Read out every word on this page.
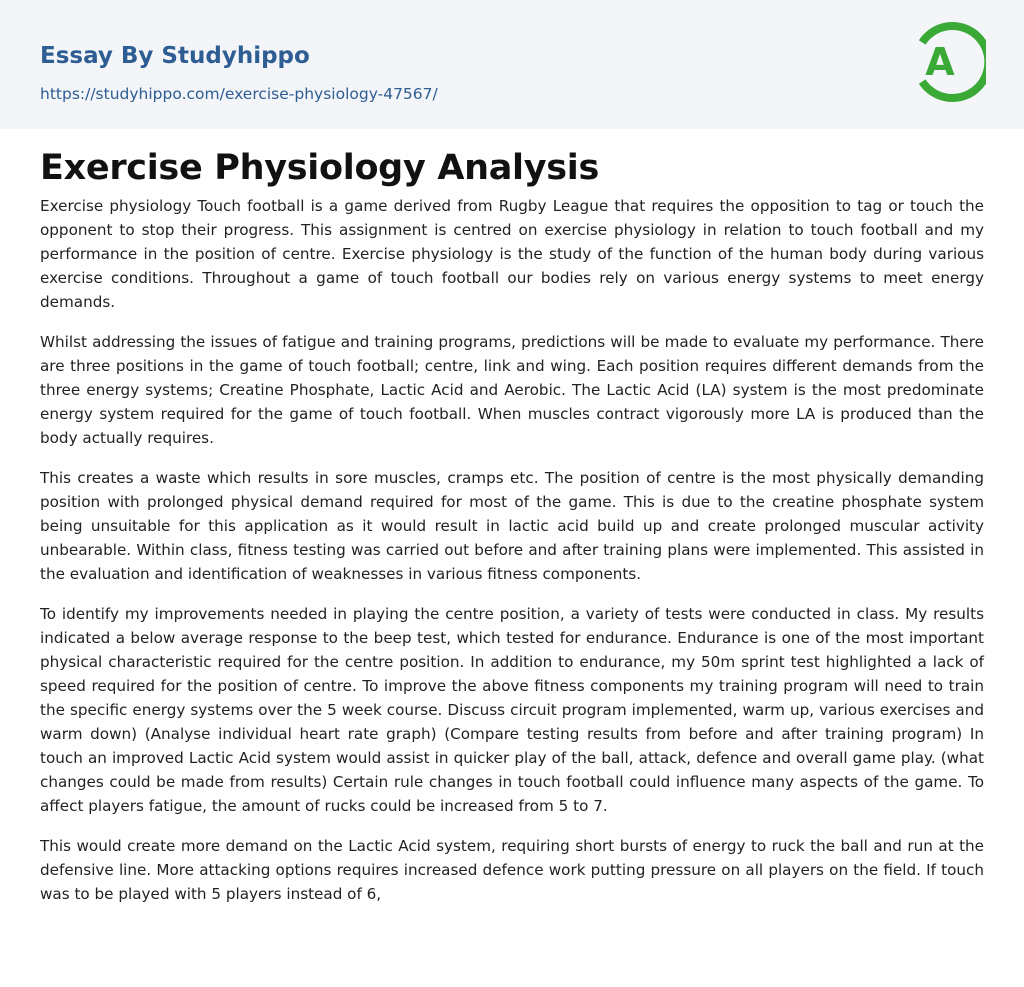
Essay By Studyhippo
https://studyhippo.com/exercise-physiology-47567/
A
Exercise Physiology Analysis

Exercise physiology Touch football is a game derived from Rugby League that requires the opposition to tag or touch the opponent to stop their progress. This assignment is centred on exercise physiology in relation to touch football and my performance in the position of centre. Exercise physiology is the study of the function of the human body during various exercise conditions. Throughout a game of touch football our bodies rely on various energy systems to meet energy demands.

Whilst addressing the issues of fatigue and training programs, predictions will be made to evaluate my performance. There are three positions in the game of touch football; centre, link and wing. Each position requires different demands from the three energy systems; Creatine Phosphate, Lactic Acid and Aerobic. The Lactic Acid (LA) system is the most predominate energy system required for the game of touch football. When muscles contract vigorously more LA is produced than the body actually requires.

This creates a waste which results in sore muscles, cramps etc. The position of centre is the most physically demanding position with prolonged physical demand required for most of the game. This is due to the creatine phosphate system being unsuitable for this application as it would result in lactic acid build up and create prolonged muscular activity unbearable. Within class, fitness testing was carried out before and after training plans were implemented. This assisted in the evaluation and identification of weaknesses in various fitness components.

To identify my improvements needed in playing the centre position, a variety of tests were conducted in class. My results indicated a below average response to the beep test, which tested for endurance. Endurance is one of the most important physical characteristic required for the centre position. In addition to endurance, my 50m sprint test highlighted a lack of speed required for the position of centre. To improve the above fitness components my training program will need to train the specific energy systems over the 5 week course. Discuss circuit program implemented, warm up, various exercises and warm down) (Analyse individual heart rate graph) (Compare testing results from before and after training program) In touch an improved Lactic Acid system would assist in quicker play of the ball, attack, defence and overall game play. (what changes could be made from results) Certain rule changes in touch football could influence many aspects of the game. To affect players fatigue, the amount of rucks could be increased from 5 to 7.

This would create more demand on the Lactic Acid system, requiring short bursts of energy to ruck the ball and run at the defensive line. More attacking options requires increased defence work putting pressure on all players on the field. If touch was to be played with 5 players instead of 6,
